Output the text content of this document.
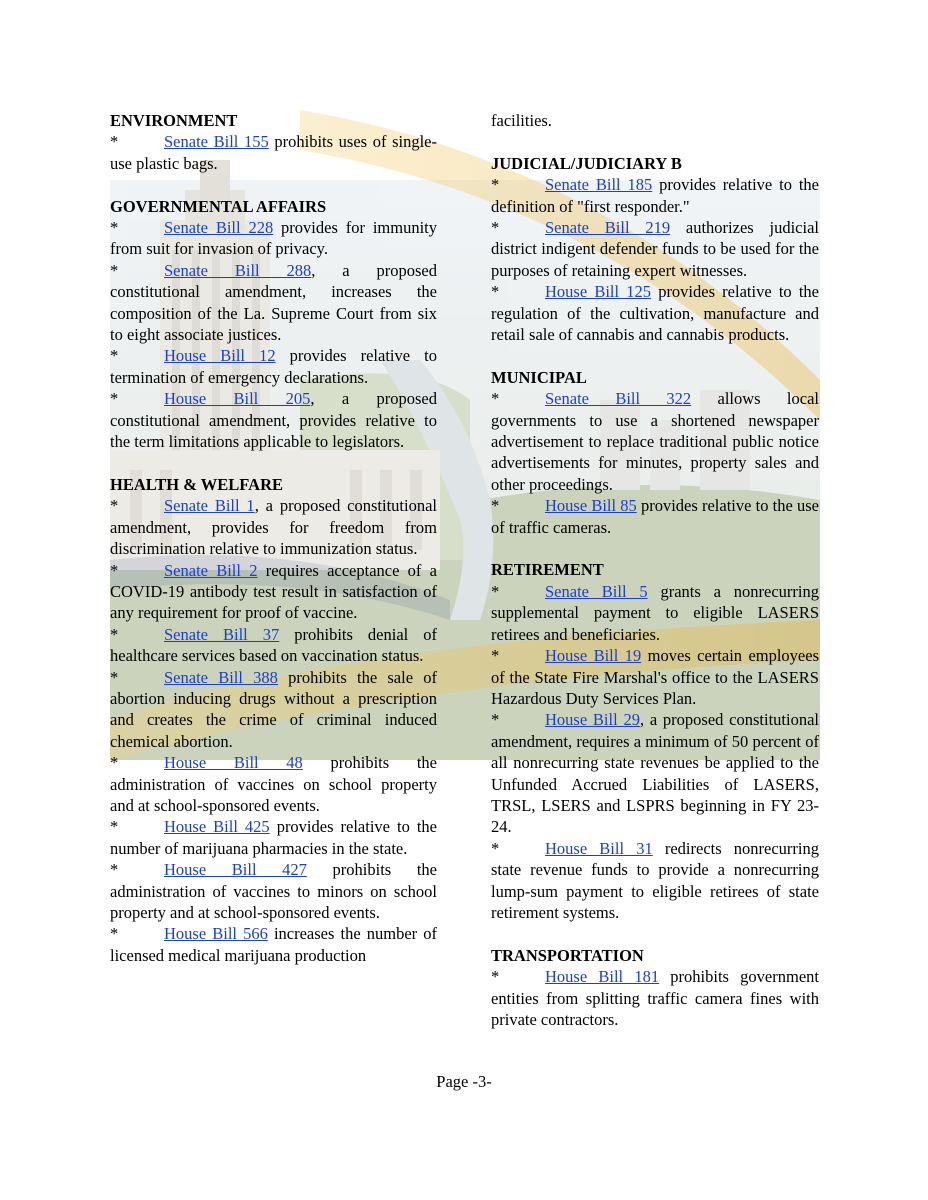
ENVIRONMENT

*	Senate Bill 155 prohibits uses of single-use plastic bags.

GOVERNMENTAL AFFAIRS

*	Senate Bill 228 provides for immunity from suit for invasion of privacy.

*	Senate Bill 288, a proposed constitutional amendment, increases the composition of the La. Supreme Court from six to eight associate justices.

*	House Bill 12 provides relative to termination of emergency declarations.

*	House Bill 205, a proposed constitutional amendment, provides relative to the term limitations applicable to legislators.

HEALTH & WELFARE

*	Senate Bill 1, a proposed constitutional amendment, provides for freedom from discrimination relative to immunization status.

*	Senate Bill 2 requires acceptance of a COVID-19 antibody test result in satisfaction of any requirement for proof of vaccine.

*	Senate Bill 37 prohibits denial of healthcare services based on vaccination status.

*	Senate Bill 388 prohibits the sale of abortion inducing drugs without a prescription and creates the crime of criminal induced chemical abortion.

*	House Bill 48 prohibits the administration of vaccines on school property and at school-sponsored events.

*	House Bill 425 provides relative to the number of marijuana pharmacies in the state.

*	House Bill 427 prohibits the administration of vaccines to minors on school property and at school-sponsored events.

*	House Bill 566 increases the number of licensed medical marijuana production

facilities.

JUDICIAL/JUDICIARY B

*	Senate Bill 185 provides relative to the definition of "first responder."

*	Senate Bill 219 authorizes judicial district indigent defender funds to be used for the purposes of retaining expert witnesses.

*	House Bill 125 provides relative to the regulation of the cultivation, manufacture and retail sale of cannabis and cannabis products.

MUNICIPAL

*	Senate Bill 322 allows local governments to use a shortened newspaper advertisement to replace traditional public notice advertisements for minutes, property sales and other proceedings.

*	House Bill 85 provides relative to the use of traffic cameras.

RETIREMENT

*	Senate Bill 5 grants a nonrecurring supplemental payment to eligible LASERS retirees and beneficiaries.

*	House Bill 19 moves certain employees of the State Fire Marshal's office to the LASERS Hazardous Duty Services Plan.

*	House Bill 29, a proposed constitutional amendment, requires a minimum of 50 percent of all nonrecurring state revenues be applied to the Unfunded Accrued Liabilities of LASERS, TRSL, LSERS and LSPRS beginning in FY 23-24.

*	House Bill 31 redirects nonrecurring state revenue funds to provide a nonrecurring lump-sum payment to eligible retirees of state retirement systems.

TRANSPORTATION

*	House Bill 181 prohibits government entities from splitting traffic camera fines with private contractors.

Page -3-
